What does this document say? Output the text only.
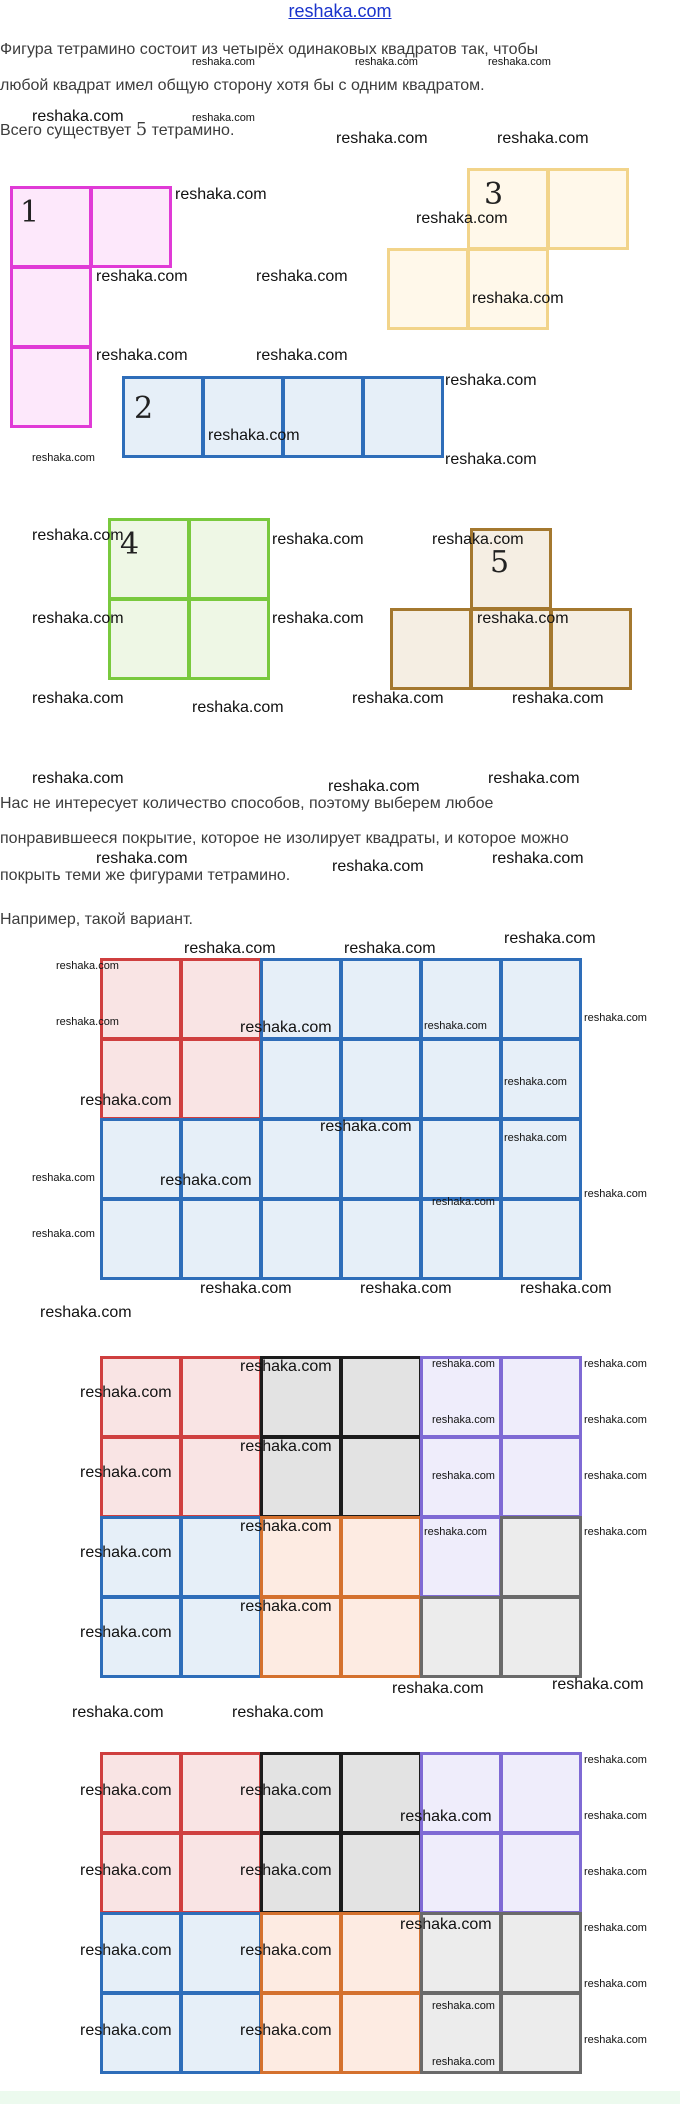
reshaka.com
Фигура тетрамино состоит из четырёх одинаковых квадратов так, чтобы
любой квадрат имел общую сторону хотя бы с одним квадратом.
Всего существует 5 тетрамино.
1
2
3
4
5
Нас не интересует количество способов, поэтому выберем любое
понравившееся покрытие, которое не изолирует квадраты, и которое можно
покрыть теми же фигурами тетрамино.
Например, такой вариант.
reshaka.com	reshaka.com	reshaka.com
reshaka.com	reshaka.com
reshaka.com	reshaka.com
reshaka.com
reshaka.com
reshaka.com	reshaka.com
reshaka.com
reshaka.com	reshaka.com
reshaka.com
reshaka.com
reshaka.com
reshaka.com
reshaka.com	reshaka.com	reshaka.com
reshaka.com	reshaka.com	reshaka.com
reshaka.com
reshaka.com
reshaka.com	reshaka.com
reshaka.com	reshaka.com	reshaka.com
reshaka.com	reshaka.com	reshaka.com
reshaka.com	reshaka.com
reshaka.com
reshaka.com
reshaka.com	reshaka.com	reshaka.com
reshaka.com
reshaka.com
reshaka.com
reshaka.com
reshaka.com
reshaka.com	reshaka.com
reshaka.com
reshaka.com
reshaka.com
reshaka.com	reshaka.com	reshaka.com
reshaka.com
reshaka.com
reshaka.com
reshaka.com	reshaka.com
reshaka.com
reshaka.com	reshaka.com
reshaka.com
reshaka.com
reshaka.com	reshaka.com
reshaka.com
reshaka.com
reshaka.com	reshaka.com
reshaka.com
reshaka.com	reshaka.com
reshaka.com	reshaka.com
reshaka.com
reshaka.com	reshaka.com
reshaka.com	reshaka.com
reshaka.com	reshaka.com	reshaka.com
reshaka.com
reshaka.com	reshaka.com
reshaka.com
reshaka.com
reshaka.com	reshaka.com
reshaka.com
reshaka.com
reshaka.com
